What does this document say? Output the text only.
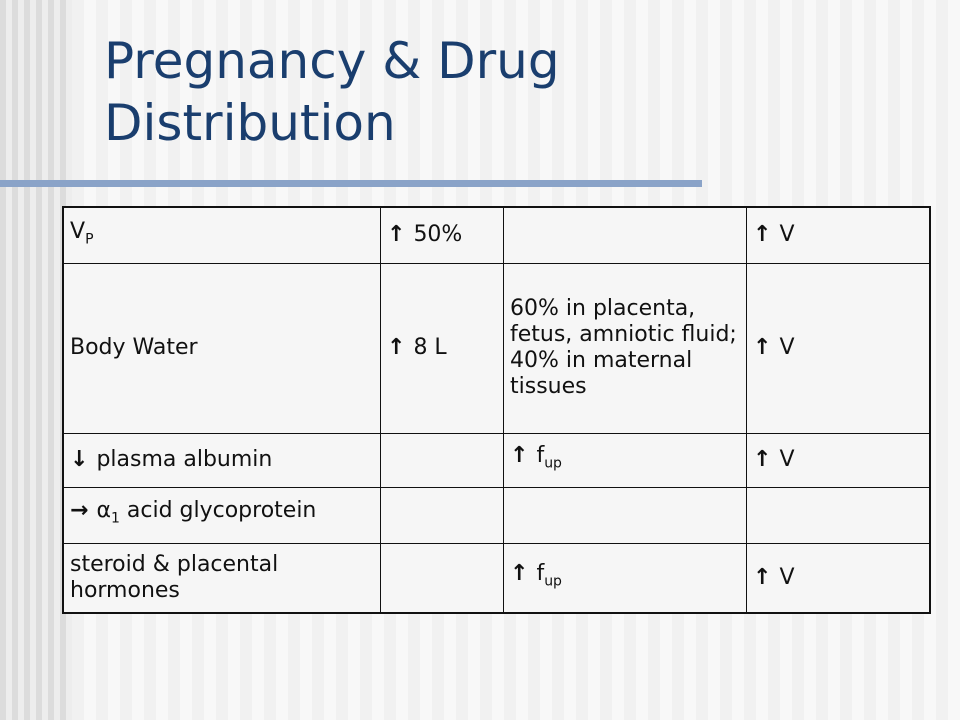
Pregnancy & Drug
Distribution
$V_P$	↑ 50%		↑ V
Body Water	↑ 8 L	60% in placenta, fetus, amniotic fluid; 40% in maternal tissues	↑ V
↓ plasma albumin		↑ $f_{up}$	↑ V
→ $\alpha_1$ acid glycoprotein			
steroid & placental hormones		↑ $f_{up}$	↑ V
